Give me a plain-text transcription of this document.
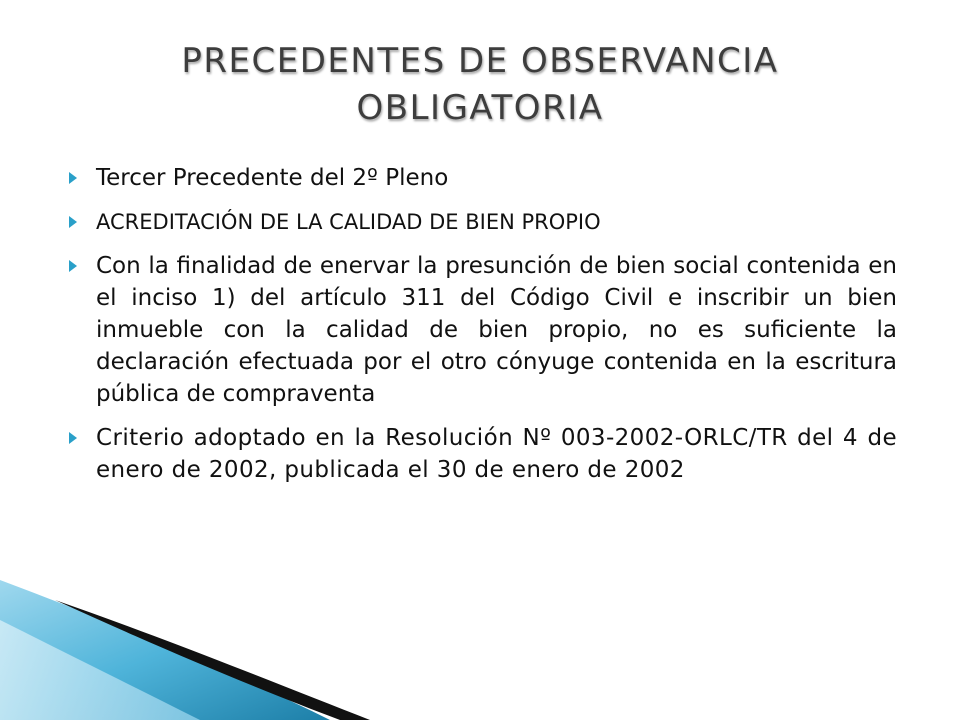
PRECEDENTES DE OBSERVANCIA OBLIGATORIA
Tercer Precedente del 2º Pleno
ACREDITACIÓN DE LA CALIDAD DE BIEN PROPIO
Con la finalidad de enervar la presunción de bien social contenida en el inciso 1) del artículo 311 del Código Civil e inscribir un bien inmueble con la calidad de bien propio, no es suficiente la declaración efectuada por el otro cónyuge contenida en la escritura pública de compraventa
Criterio adoptado en la Resolución Nº 003-2002-ORLC/TR del 4 de enero de 2002, publicada el 30 de enero de 2002
